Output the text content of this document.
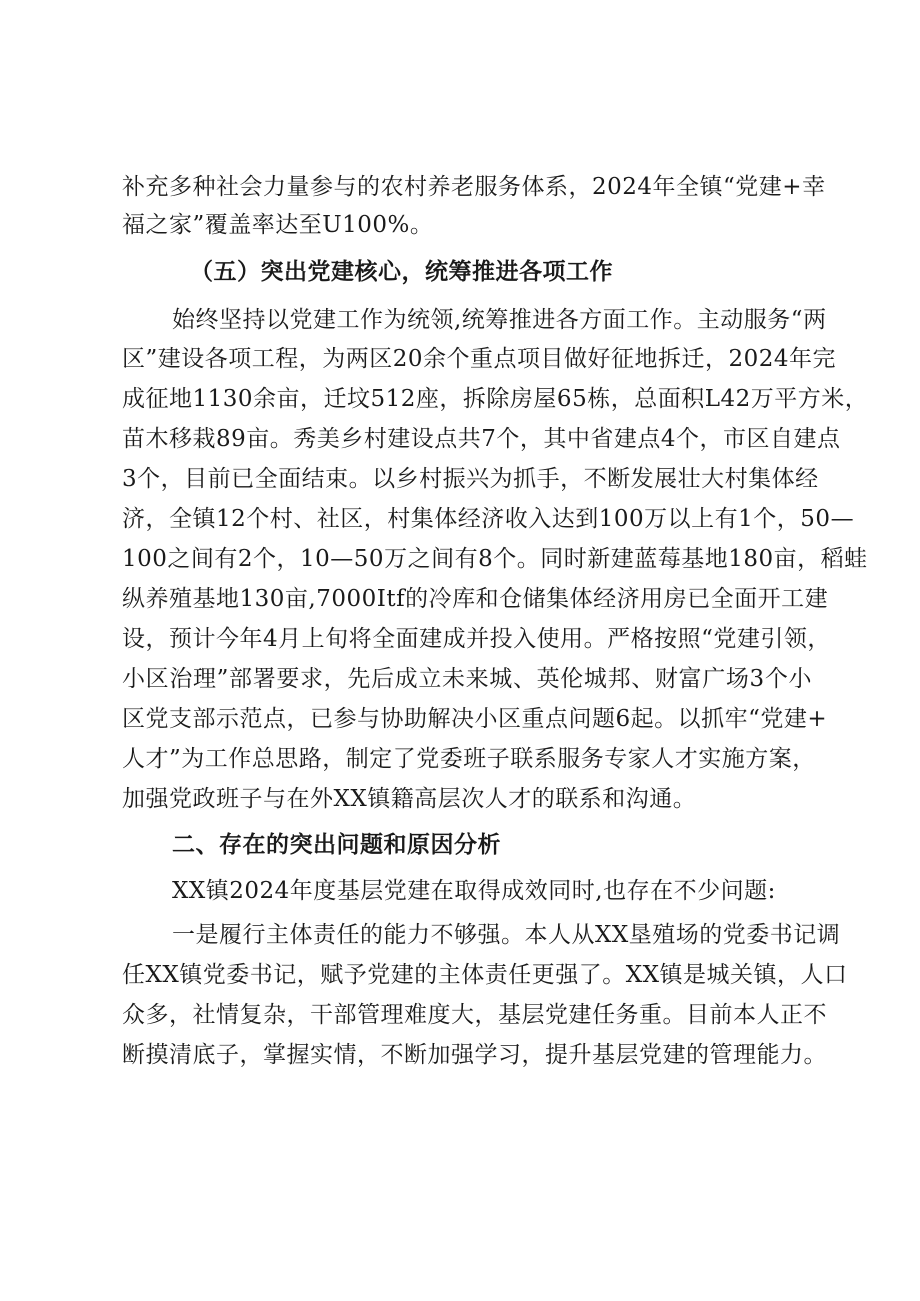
补充多种社会力量参与的农村养老服务体系，2024年全镇“党建+幸
福之家”覆盖率达至U100%。
（五）突出党建核心，统筹推进各项工作
始终坚持以党建工作为统领,统筹推进各方面工作。主动服务“两
区”建设各项工程，为两区20余个重点项目做好征地拆迁，2024年完
成征地1130余亩，迁坟512座，拆除房屋65栋，总面积L42万平方米，
苗木移栽89亩。秀美乡村建设点共7个，其中省建点4个，市区自建点
3个，目前已全面结束。以乡村振兴为抓手，不断发展壮大村集体经
济，全镇12个村、社区，村集体经济收入达到100万以上有1个，50—
100之间有2个，10—50万之间有8个。同时新建蓝莓基地180亩，稻蛙
纵养殖基地130亩,7000Itf的冷库和仓储集体经济用房已全面开工建
设，预计今年4月上旬将全面建成并投入使用。严格按照“党建引领，
小区治理”部署要求，先后成立未来城、英伦城邦、财富广场3个小
区党支部示范点，已参与协助解决小区重点问题6起。以抓牢“党建+
人才”为工作总思路，制定了党委班子联系服务专家人才实施方案，
加强党政班子与在外XX镇籍高层次人才的联系和沟通。
二、存在的突出问题和原因分析
XX镇2024年度基层党建在取得成效同时,也存在不少问题:
一是履行主体责任的能力不够强。本人从XX垦殖场的党委书记调
任XX镇党委书记，赋予党建的主体责任更强了。XX镇是城关镇，人口
众多，社情复杂，干部管理难度大，基层党建任务重。目前本人正不
断摸清底子，掌握实情，不断加强学习，提升基层党建的管理能力。
